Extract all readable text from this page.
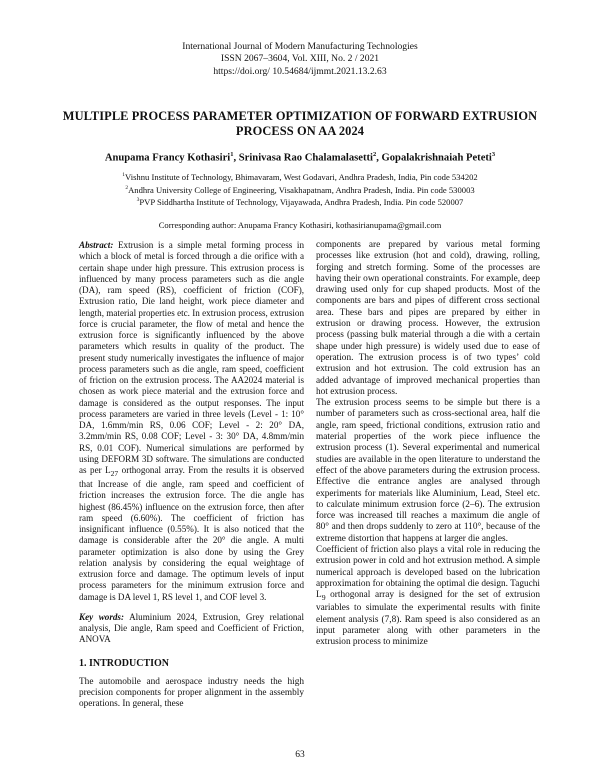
International Journal of Modern Manufacturing Technologies
ISSN 2067–3604, Vol. XIII, No. 2 / 2021
https://doi.org/ 10.54684/ijmmt.2021.13.2.63
MULTIPLE PROCESS PARAMETER OPTIMIZATION OF FORWARD EXTRUSION PROCESS ON AA 2024
Anupama Francy Kothasiri$^1$, Srinivasa Rao Chalamalasetti$^2$, Gopalakrishnaiah Peteti$^3$
$^1$Vishnu Institute of Technology, Bhimavaram, West Godavari, Andhra Pradesh, India, Pin code 534202
$^2$Andhra University College of Engineering, Visakhapatnam, Andhra Pradesh, India. Pin code 530003
$^3$PVP Siddhartha Institute of Technology, Vijayawada, Andhra Pradesh, India. Pin code 520007
Corresponding author: Anupama Francy Kothasiri, kothasirianupama@gmail.com

Abstract: Extrusion is a simple metal forming process in which a block of metal is forced through a die orifice with a certain shape under high pressure. This extrusion process is influenced by many process parameters such as die angle (DA), ram speed (RS), coefficient of friction (COF), Extrusion ratio, Die land height, work piece diameter and length, material properties etc. In extrusion process, extrusion force is crucial parameter, the flow of metal and hence the extrusion force is significantly influenced by the above parameters which results in quality of the product. The present study numerically investigates the influence of major process parameters such as die angle, ram speed, coefficient of friction on the extrusion process. The AA2024 material is chosen as work piece material and the extrusion force and damage is considered as the output responses. The input process parameters are varied in three levels (Level - 1: 10° DA, 1.6mm/min RS, 0.06 COF; Level - 2: 20° DA, 3.2mm/min RS, 0.08 COF; Level - 3: 30° DA, 4.8mm/min RS, 0.01 COF). Numerical simulations are performed by using DEFORM 3D software. The simulations are conducted as per $L_{27}$ orthogonal array. From the results it is observed that Increase of die angle, ram speed and coefficient of friction increases the extrusion force. The die angle has highest (86.45%) influence on the extrusion force, then after ram speed (6.60%). The coefficient of friction has insignificant influence (0.55%). It is also noticed that the damage is considerable after the 20° die angle. A multi parameter optimization is also done by using the Grey relation analysis by considering the equal weightage of extrusion force and damage. The optimum levels of input process parameters for the minimum extrusion force and damage is DA level 1, RS level 1, and COF level 3.

Key words: Aluminium 2024, Extrusion, Grey relational analysis, Die angle, Ram speed and Coefficient of Friction, ANOVA

1. INTRODUCTION

The automobile and aerospace industry needs the high precision components for proper alignment in the assembly operations. In general, these

components are prepared by various metal forming processes like extrusion (hot and cold), drawing, rolling, forging and stretch forming. Some of the processes are having their own operational constraints. For example, deep drawing used only for cup shaped products. Most of the components are bars and pipes of different cross sectional area. These bars and pipes are prepared by either in extrusion or drawing process. However, the extrusion process (passing bulk material through a die with a certain shape under high pressure) is widely used due to ease of operation. The extrusion process is of two types’ cold extrusion and hot extrusion. The cold extrusion has an added advantage of improved mechanical properties than hot extrusion process.

The extrusion process seems to be simple but there is a number of parameters such as cross-sectional area, half die angle, ram speed, frictional conditions, extrusion ratio and material properties of the work piece influence the extrusion process (1). Several experimental and numerical studies are available in the open literature to understand the effect of the above parameters during the extrusion process. Effective die entrance angles are analysed through experiments for materials like Aluminium, Lead, Steel etc. to calculate minimum extrusion force (2–6). The extrusion force was increased till reaches a maximum die angle of 80° and then drops suddenly to zero at 110°, because of the extreme distortion that happens at larger die angles.

Coefficient of friction also plays a vital role in reducing the extrusion power in cold and hot extrusion method. A simple numerical approach is developed based on the lubrication approximation for obtaining the optimal die design. Taguchi $L_9$ orthogonal array is designed for the set of extrusion variables to simulate the experimental results with finite element analysis (7,8). Ram speed is also considered as an input parameter along with other parameters in the extrusion process to minimize

63
